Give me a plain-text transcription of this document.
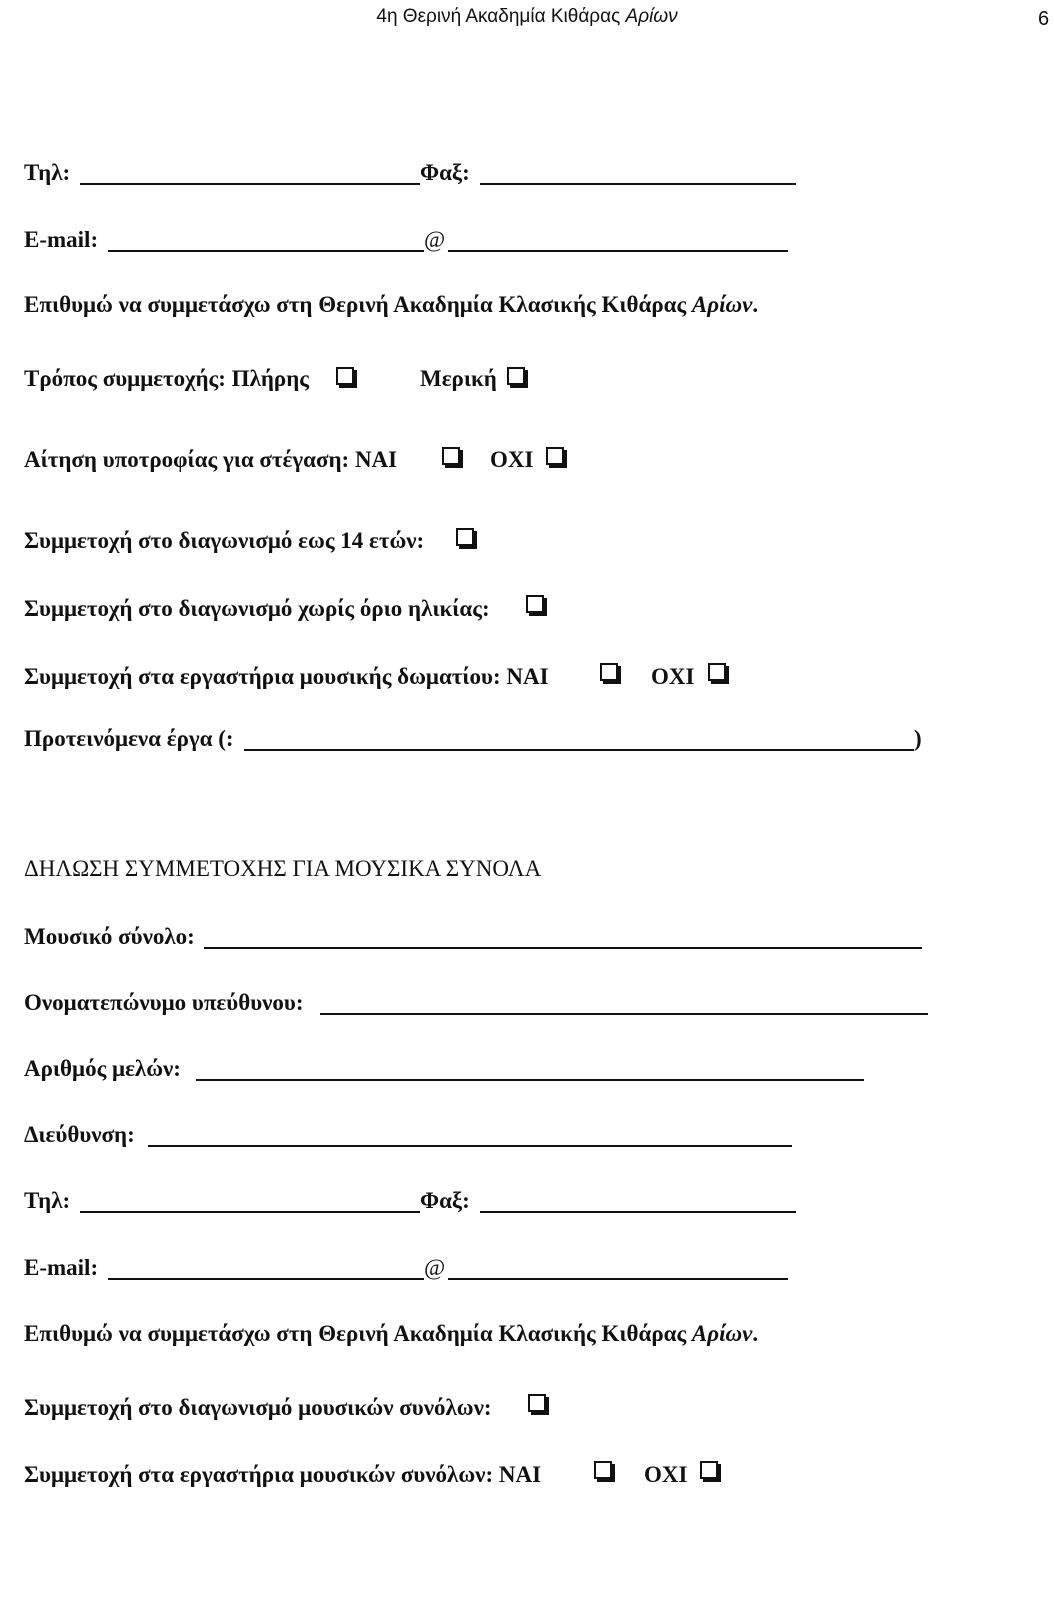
4η Θερινή Ακαδημία Κιθάρας Αρίων	6
Τηλ:	Φαξ:
E-mail:	@
Επιθυμώ να συμμετάσχω στη Θερινή Ακαδημία Κλασικής Κιθάρας Αρίων.
Τρόπος συμμετοχής: Πλήρης	Μερική
Αίτηση υποτροφίας για στέγαση: ΝΑΙ	ΟΧΙ
Συμμετοχή στο διαγωνισμό εως 14 ετών:
Συμμετοχή στο διαγωνισμό χωρίς όριο ηλικίας:
Συμμετοχή στα εργαστήρια μουσικής δωματίου: ΝΑΙ	ΟΧΙ
Προτεινόμενα έργα (:	)
ΔΗΛΩΣΗ ΣΥΜΜΕΤΟΧΗΣ ΓΙΑ ΜΟΥΣΙΚΑ ΣΥΝΟΛΑ
Μουσικό σύνολο:
Ονοματεπώνυμο υπεύθυνου:
Αριθμός μελών:
Διεύθυνση:
Τηλ:	Φαξ:
E-mail:	@
Επιθυμώ να συμμετάσχω στη Θερινή Ακαδημία Κλασικής Κιθάρας Αρίων.
Συμμετοχή στο διαγωνισμό μουσικών συνόλων:
Συμμετοχή στα εργαστήρια μουσικών συνόλων: ΝΑΙ	ΟΧΙ
